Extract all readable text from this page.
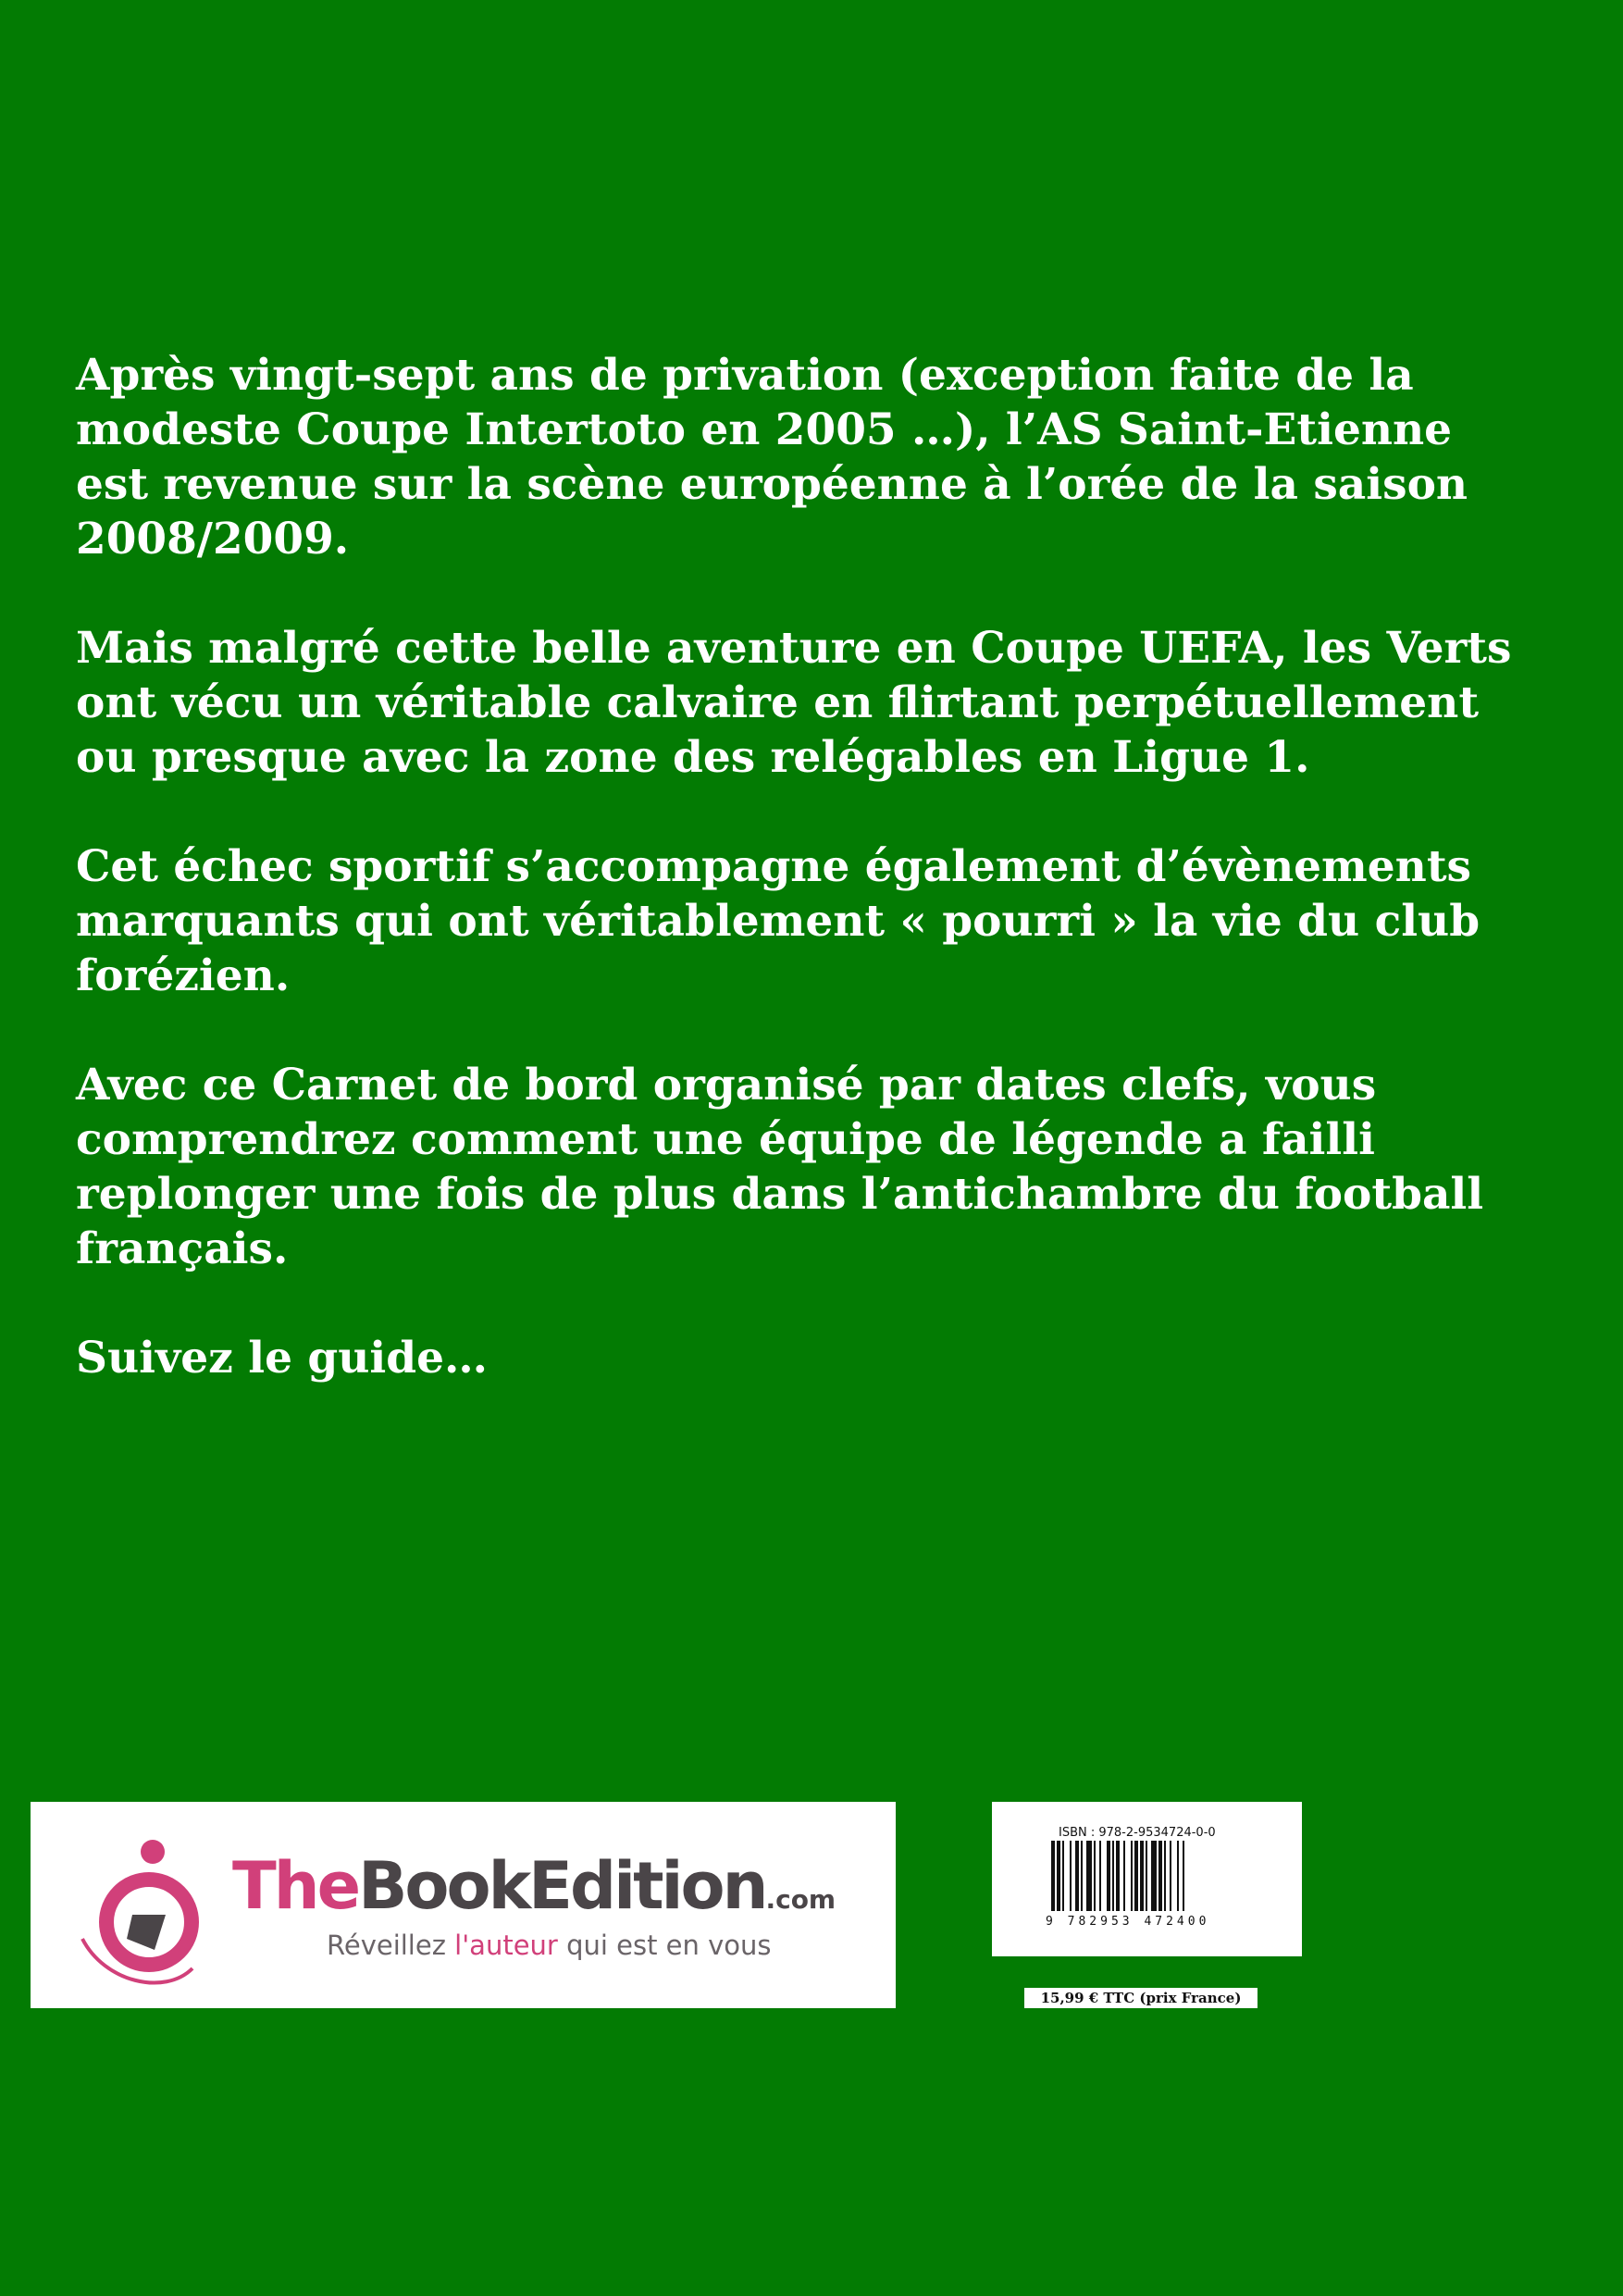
Après vingt-sept ans de privation (exception faite de la
modeste Coupe Intertoto en 2005 …), l’AS Saint-Etienne
est revenue sur la scène européenne à l’orée de la saison
2008/2009.

Mais malgré cette belle aventure en Coupe UEFA, les Verts
ont vécu un véritable calvaire en flirtant perpétuellement
ou presque avec la zone des relégables en Ligue 1.

Cet échec sportif s’accompagne également d’évènements
marquants qui ont véritablement « pourri » la vie du club
forézien.

Avec ce Carnet de bord organisé par dates clefs, vous
comprendrez comment une équipe de légende a failli
replonger une fois de plus dans l’antichambre du football
français.

Suivez le guide…

TheBookEdition.com
Réveillez l'auteur qui est en vous
ISBN : 978-2-9534724-0-0
9 782953 472400
15,99 € TTC (prix France)
